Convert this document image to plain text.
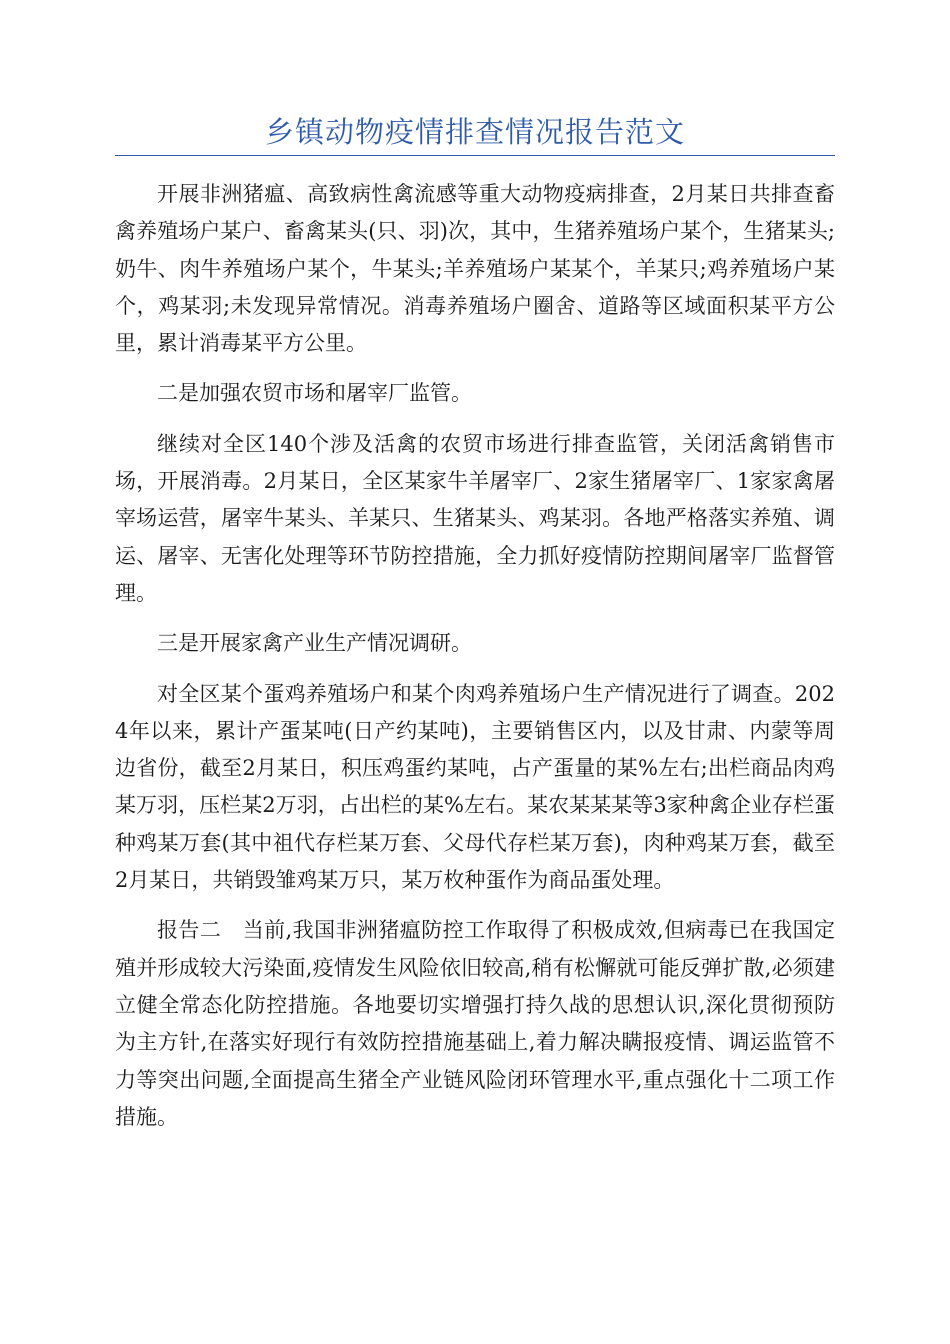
乡镇动物疫情排查情况报告范文

开展非洲猪瘟、高致病性禽流感等重大动物疫病排查，2月某日共排查畜禽养殖场户某户、畜禽某头(只、羽)次，其中，生猪养殖场户某个，生猪某头;奶牛、肉牛养殖场户某个，牛某头;羊养殖场户某某个，羊某只;鸡养殖场户某个，鸡某羽;未发现异常情况。消毒养殖场户圈舍、道路等区域面积某平方公里，累计消毒某平方公里。

二是加强农贸市场和屠宰厂监管。

继续对全区140个涉及活禽的农贸市场进行排查监管，关闭活禽销售市场，开展消毒。2月某日，全区某家牛羊屠宰厂、2家生猪屠宰厂、1家家禽屠宰场运营，屠宰牛某头、羊某只、生猪某头、鸡某羽。各地严格落实养殖、调运、屠宰、无害化处理等环节防控措施，全力抓好疫情防控期间屠宰厂监督管理。

三是开展家禽产业生产情况调研。

对全区某个蛋鸡养殖场户和某个肉鸡养殖场户生产情况进行了调查。2024年以来，累计产蛋某吨(日产约某吨)，主要销售区内，以及甘肃、内蒙等周边省份，截至2月某日，积压鸡蛋约某吨，占产蛋量的某%左右;出栏商品肉鸡某万羽，压栏某2万羽，占出栏的某%左右。某农某某某等3家种禽企业存栏蛋种鸡某万套(其中祖代存栏某万套、父母代存栏某万套)，肉种鸡某万套，截至2月某日，共销毁雏鸡某万只，某万枚种蛋作为商品蛋处理。

报告二　当前,我国非洲猪瘟防控工作取得了积极成效,但病毒已在我国定殖并形成较大污染面,疫情发生风险依旧较高,稍有松懈就可能反弹扩散,必须建立健全常态化防控措施。各地要切实增强打持久战的思想认识,深化贯彻预防为主方针,在落实好现行有效防控措施基础上,着力解决瞒报疫情、调运监管不力等突出问题,全面提高生猪全产业链风险闭环管理水平,重点强化十二项工作措施。
